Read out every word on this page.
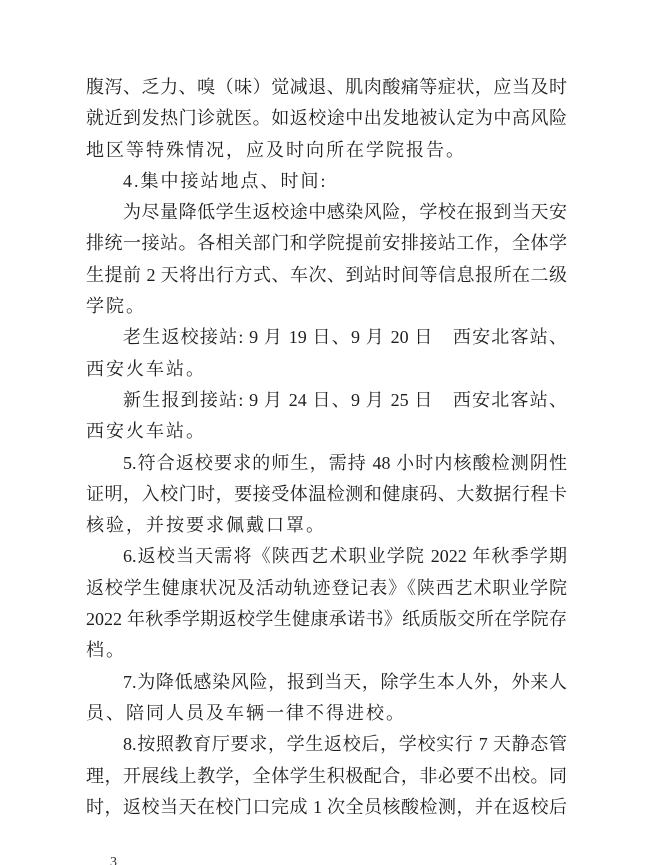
腹泻、乏力、嗅（味）觉减退、肌肉酸痛等症状，应当及时
就近到发热门诊就医。如返校途中出发地被认定为中高风险
地区等特殊情况，应及时向所在学院报告。
4.集中接站地点、时间:
为尽量降低学生返校途中感染风险，学校在报到当天安
排统一接站。各相关部门和学院提前安排接站工作，全体学
生提前 2 天将出行方式、车次、到站时间等信息报所在二级
学院。
老生返校接站: 9 月 19 日、9 月 20 日　西安北客站、
西安火车站。
新生报到接站: 9 月 24 日、9 月 25 日　西安北客站、
西安火车站。
5.符合返校要求的师生，需持 48 小时内核酸检测阴性
证明，入校门时，要接受体温检测和健康码、大数据行程卡
核验，并按要求佩戴口罩。
6.返校当天需将《陕西艺术职业学院 2022 年秋季学期
返校学生健康状况及活动轨迹登记表》《陕西艺术职业学院
2022 年秋季学期返校学生健康承诺书》纸质版交所在学院存
档。
7.为降低感染风险，报到当天，除学生本人外，外来人
员、陪同人员及车辆一律不得进校。
8.按照教育厅要求，学生返校后，学校实行 7 天静态管
理，开展线上教学，全体学生积极配合，非必要不出校。同
时，返校当天在校门口完成 1 次全员核酸检测，并在返校后
3
